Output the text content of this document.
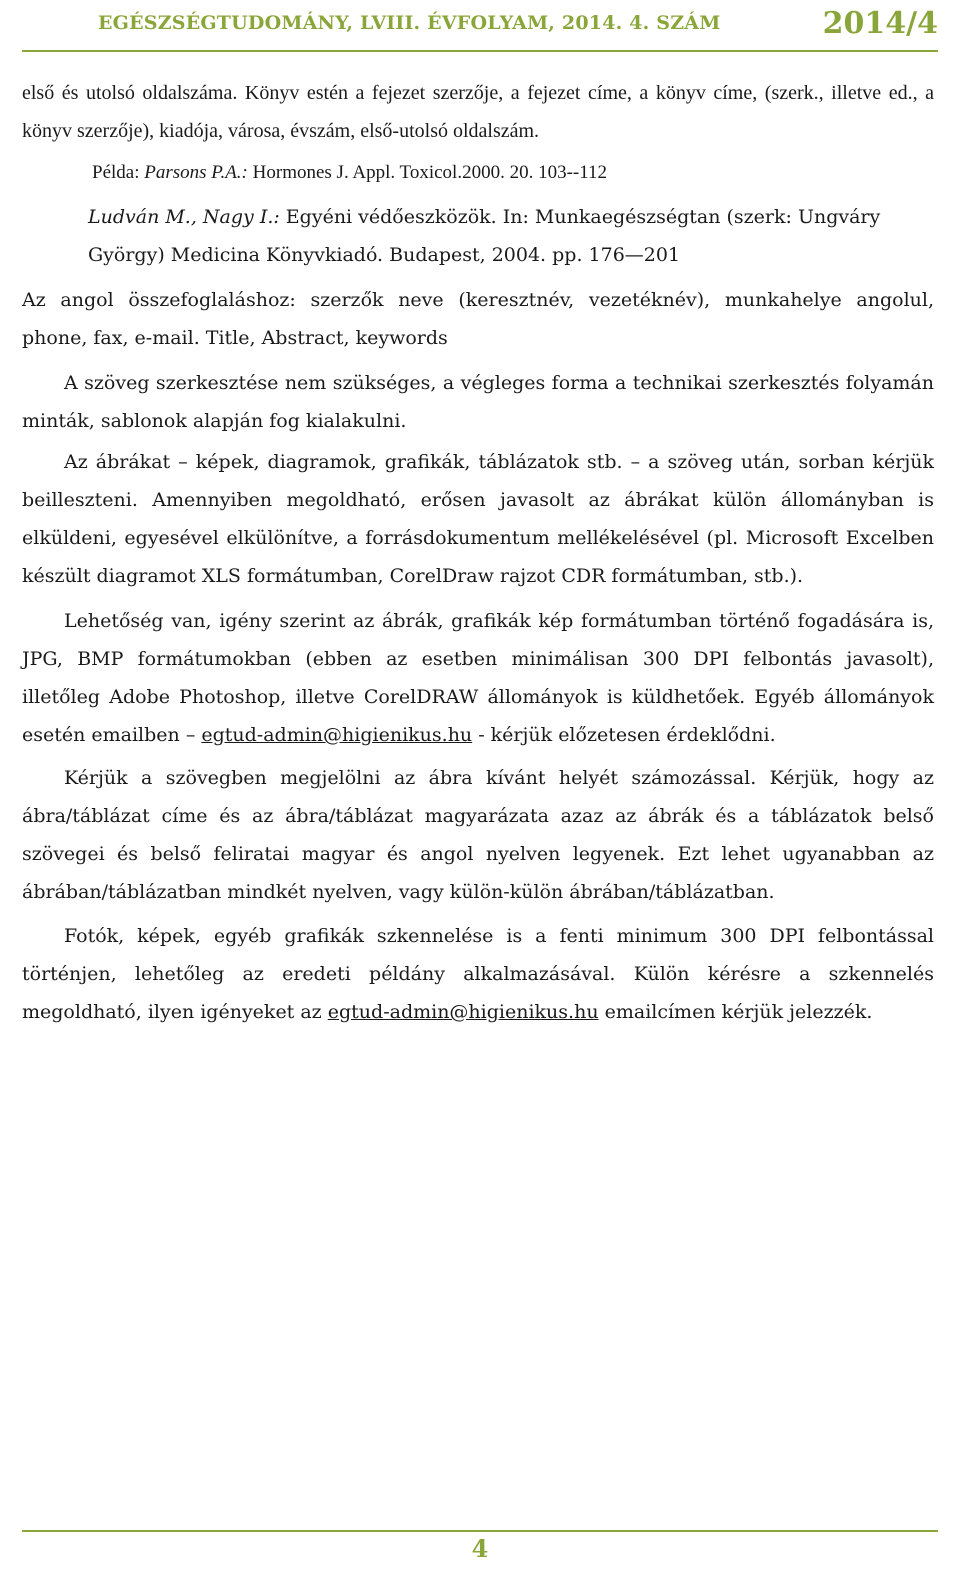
EGÉSZSÉGTUDOMÁNY, LVIII. ÉVFOLYAM, 2014. 4. SZÁM	2014/4

első és utolsó oldalszáma. Könyv estén a fejezet szerzője, a fejezet címe, a könyv címe, (szerk., illetve ed., a könyv szerzője), kiadója, városa, évszám, első-utolsó oldalszám.

Példa: Parsons P.A.: Hormones J. Appl. Toxicol.2000. 20. 103--112

Ludván M., Nagy I.: Egyéni védőeszközök. In: Munkaegészségtan (szerk: Ungváry György) Medicina Könyvkiadó. Budapest, 2004. pp. 176—201

Az angol összefoglaláshoz: szerzők neve (keresztnév, vezetéknév), munkahelye angolul, phone, fax, e-mail. Title, Abstract, keywords

A szöveg szerkesztése nem szükséges, a végleges forma a technikai szerkesztés folyamán minták, sablonok alapján fog kialakulni.

Az ábrákat – képek, diagramok, grafikák, táblázatok stb. – a szöveg után, sorban kérjük beilleszteni. Amennyiben megoldható, erősen javasolt az ábrákat külön állományban is elküldeni, egyesével elkülönítve, a forrásdokumentum mellékelésével (pl. Microsoft Excelben készült diagramot XLS formátumban, CorelDraw rajzot CDR formátumban, stb.).

Lehetőség van, igény szerint az ábrák, grafikák kép formátumban történő fogadására is, JPG, BMP formátumokban (ebben az esetben minimálisan 300 DPI felbontás javasolt), illetőleg Adobe Photoshop, illetve CorelDRAW állományok is küldhetőek. Egyéb állományok esetén emailben – egtud-admin@higienikus.hu - kérjük előzetesen érdeklődni.

Kérjük a szövegben megjelölni az ábra kívánt helyét számozással. Kérjük, hogy az ábra/táblázat címe és az ábra/táblázat magyarázata azaz az ábrák és a táblázatok belső szövegei és belső feliratai magyar és angol nyelven legyenek. Ezt lehet ugyanabban az ábrában/táblázatban mindkét nyelven, vagy külön-külön ábrában/táblázatban.

Fotók, képek, egyéb grafikák szkennelése is a fenti minimum 300 DPI felbontással történjen, lehetőleg az eredeti példány alkalmazásával. Külön kérésre a szkennelés megoldható, ilyen igényeket az egtud-admin@higienikus.hu emailcímen kérjük jelezzék.

4
